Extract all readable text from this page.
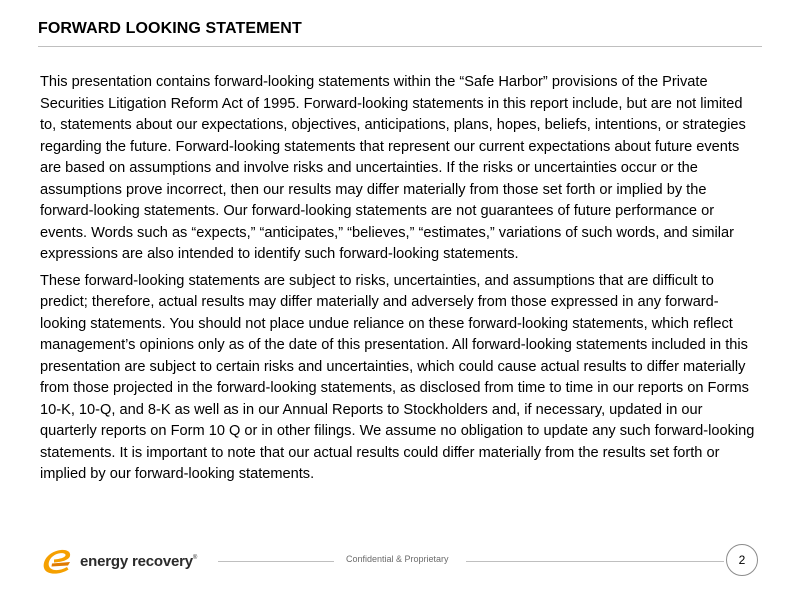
FORWARD LOOKING STATEMENT

This presentation contains forward-looking statements within the “Safe Harbor” provisions of the Private Securities Litigation Reform Act of 1995. Forward-looking statements in this report include, but are not limited to, statements about our expectations, objectives, anticipations, plans, hopes, beliefs, intentions, or strategies regarding the future. Forward-looking statements that represent our current expectations about future events are based on assumptions and involve risks and uncertainties. If the risks or uncertainties occur or the assumptions prove incorrect, then our results may differ materially from those set forth or implied by the forward-looking statements. Our forward-looking statements are not guarantees of future performance or events. Words such as “expects,” “anticipates,” “believes,” “estimates,” variations of such words, and similar expressions are also intended to identify such forward-looking statements.

These forward-looking statements are subject to risks, uncertainties, and assumptions that are difficult to predict; therefore, actual results may differ materially and adversely from those expressed in any forward-looking statements. You should not place undue reliance on these forward-looking statements, which reflect management’s opinions only as of the date of this presentation. All forward-looking statements included in this presentation are subject to certain risks and uncertainties, which could cause actual results to differ materially from those projected in the forward-looking statements, as disclosed from time to time in our reports on Forms 10-K, 10-Q, and 8-K as well as in our Annual Reports to Stockholders and, if necessary, updated in our quarterly reports on Form 10 Q or in other filings. We assume no obligation to update any such forward-looking statements. It is important to note that our actual results could differ materially from the results set forth or implied by our forward-looking statements.

energy recovery®	Confidential & Proprietary	2
